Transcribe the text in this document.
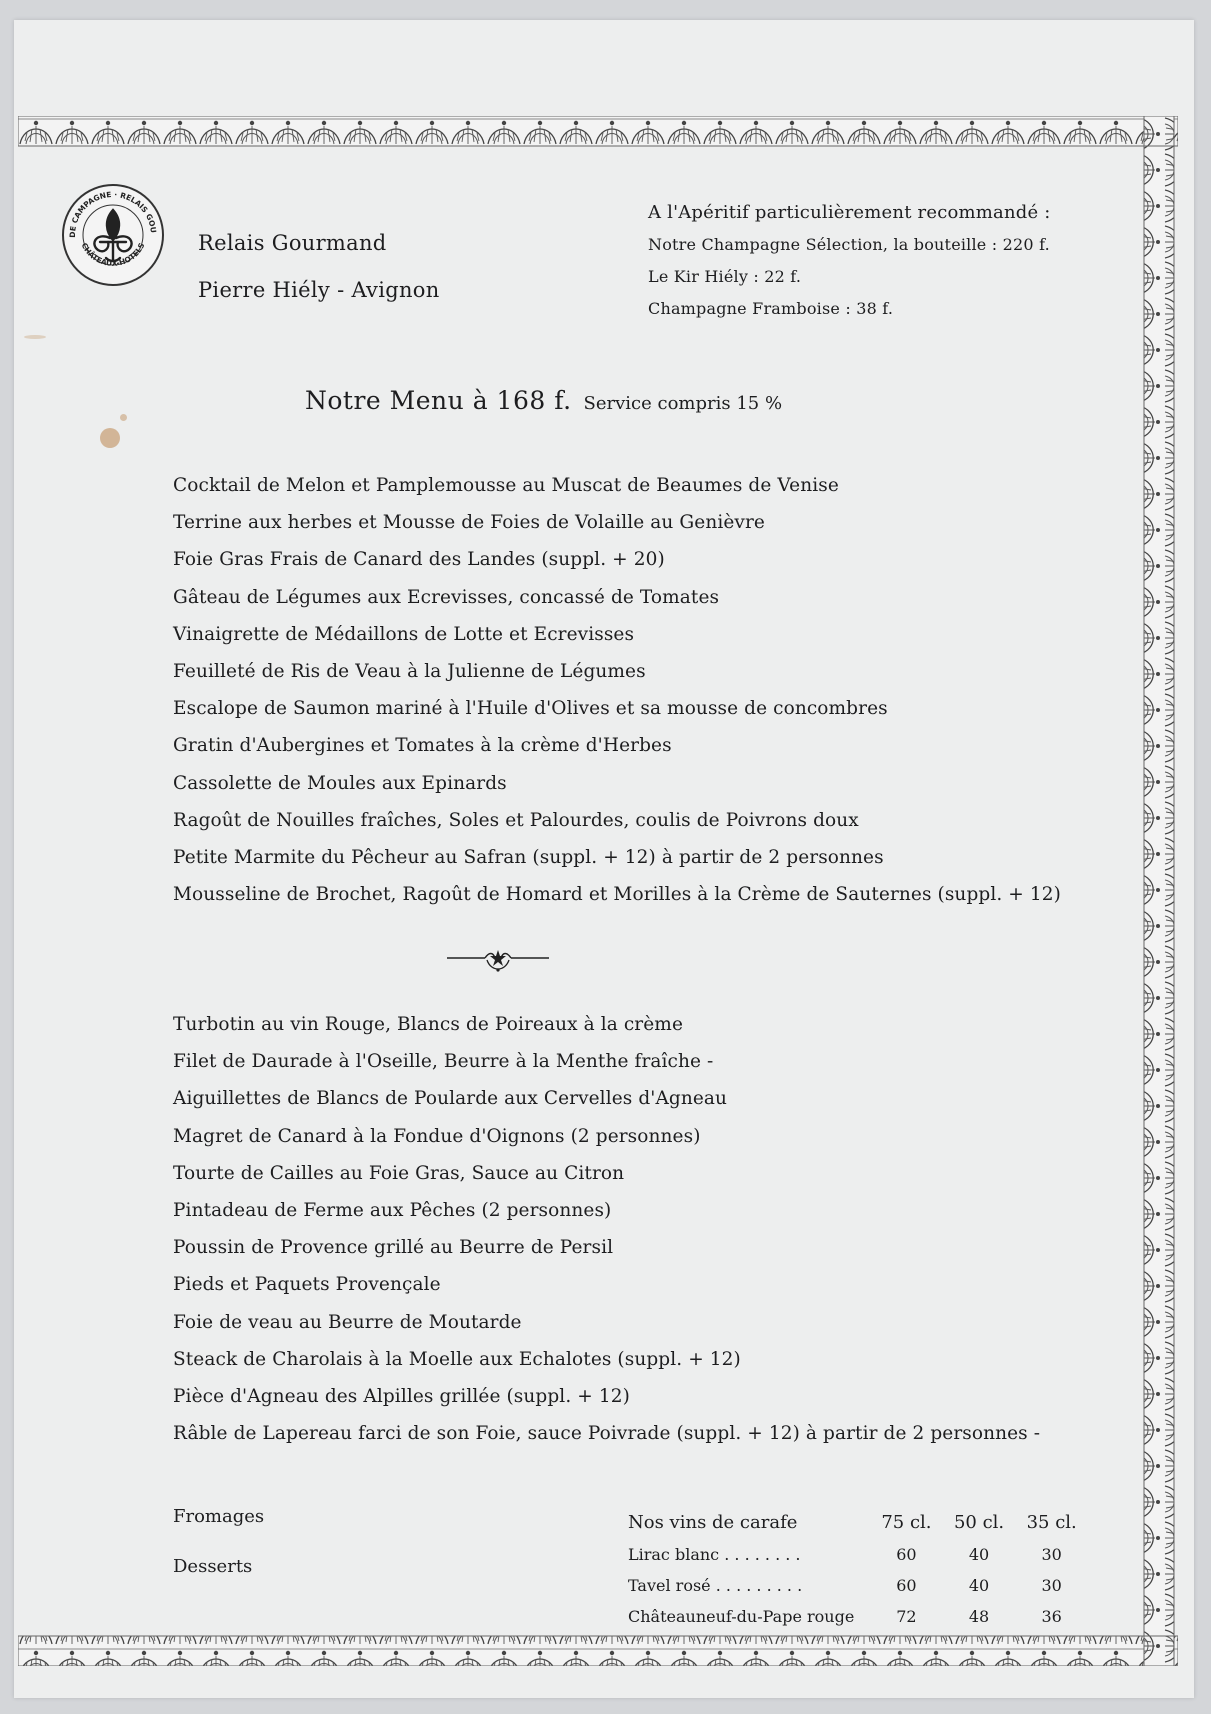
DE CAMPAGNE · RELAIS GOU
CHÂTEAUX-HOTELS Relais Gourmand
Pierre Hiély - Avignon
A l'Apéritif particulièrement recommandé :
Notre Champagne Sélection, la bouteille : 220 f.
Le Kir Hiély : 22 f.
Champagne Framboise : 38 f.
Notre Menu à 168 f. Service compris 15 %
Cocktail de Melon et Pamplemousse au Muscat de Beaumes de Venise
Terrine aux herbes et Mousse de Foies de Volaille au Genièvre
Foie Gras Frais de Canard des Landes (suppl. + 20)
Gâteau de Légumes aux Ecrevisses, concassé de Tomates
Vinaigrette de Médaillons de Lotte et Ecrevisses
Feuilleté de Ris de Veau à la Julienne de Légumes
Escalope de Saumon mariné à l'Huile d'Olives et sa mousse de concombres
Gratin d'Aubergines et Tomates à la crème d'Herbes
Cassolette de Moules aux Epinards
Ragoût de Nouilles fraîches, Soles et Palourdes, coulis de Poivrons doux
Petite Marmite du Pêcheur au Safran (suppl. + 12) à partir de 2 personnes
Mousseline de Brochet, Ragoût de Homard et Morilles à la Crème de Sauternes (suppl. + 12)
Turbotin au vin Rouge, Blancs de Poireaux à la crème
Filet de Daurade à l'Oseille, Beurre à la Menthe fraîche -
Aiguillettes de Blancs de Poularde aux Cervelles d'Agneau
Magret de Canard à la Fondue d'Oignons (2 personnes)
Tourte de Cailles au Foie Gras, Sauce au Citron
Pintadeau de Ferme aux Pêches (2 personnes)
Poussin de Provence grillé au Beurre de Persil
Pieds et Paquets Provençale
Foie de veau au Beurre de Moutarde
Steack de Charolais à la Moelle aux Echalotes (suppl. + 12)
Pièce d'Agneau des Alpilles grillée (suppl. + 12)
Râble de Lapereau farci de son Foie, sauce Poivrade (suppl. + 12) à partir de 2 personnes -
Fromages
Desserts
Nos vins de carafe	75 cl.	50 cl.	35 cl.
Lirac blanc . . . . . . . .	60	40	30
Tavel rosé . . . . . . . . .	60	40	30
Châteauneuf-du-Pape rouge	72	48	36
